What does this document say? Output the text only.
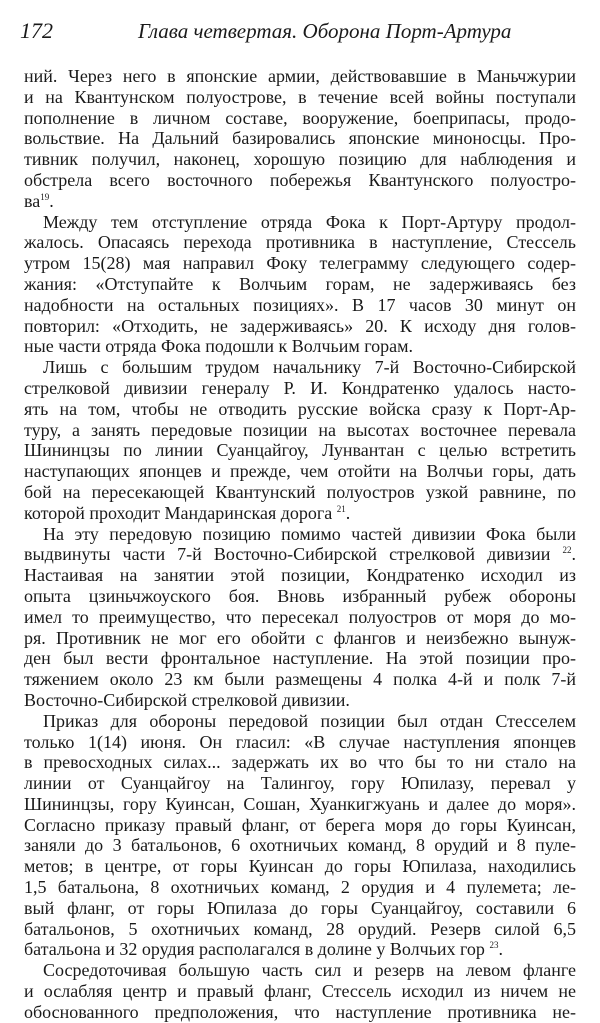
172	Глава четвертая. Оборона Порт-Артура
ний. Через него в японские армии, действовавшие в Маньчжурии
и на Квантунском полуострове, в течение всей войны поступали
пополнение в личном составе, вооружение, боеприпасы, продо-
вольствие. На Дальний базировались японские миноносцы. Про-
тивник получил, наконец, хорошую позицию для наблюдения и
обстрела всего восточного побережья Квантунского полуостро-
$ва^{19}$.
Между тем отступление отряда Фока к Порт-Артуру продол-
жалось. Опасаясь перехода противника в наступление, Стессель
утром 15(28) мая направил Фоку телеграмму следующего содер-
жания: «Отступайте к Волчьим горам, не задерживаясь без
надобности на остальных позициях». В 17 часов 30 минут он
повторил: «Отходить, не задерживаясь» 20. К исходу дня голов-
ные части отряда Фока подошли к Волчьим горам.
Лишь с большим трудом начальнику 7-й Восточно-Сибирской
стрелковой дивизии генералу Р. И. Кондратенко удалось насто-
ять на том, чтобы не отводить русские войска сразу к Порт-Ар-
туру, а занять передовые позиции на высотах восточнее перевала
Шининцзы по линии Суанцайгоу, Лунвантан с целью встретить
наступающих японцев и прежде, чем отойти на Волчьи горы, дать
бой на пересекающей Квантунский полуостров узкой равнине, по
которой проходит Мандаринская дорога $^{21}$.
На эту передовую позицию помимо частей дивизии Фока были
выдвинуты части 7-й Восточно-Сибирской стрелковой дивизии $^{22}$.
Настаивая на занятии этой позиции, Кондратенко исходил из
опыта цзиньчжоуского боя. Вновь избранный рубеж обороны
имел то преимущество, что пересекал полуостров от моря до мо-
ря. Противник не мог его обойти с флангов и неизбежно вынуж-
ден был вести фронтальное наступление. На этой позиции про-
тяжением около 23 км были размещены 4 полка 4-й и полк 7-й
Восточно-Сибирской стрелковой дивизии.
Приказ для обороны передовой позиции был отдан Стесселем
только 1(14) июня. Он гласил: «В случае наступления японцев
в превосходных силах... задержать их во что бы то ни стало на
линии от Суанцайгоу на Талингоу, гору Юпилазу, перевал у
Шининцзы, гору Куинсан, Сошан, Хуанкигжуань и далее до моря».
Согласно приказу правый фланг, от берега моря до горы Куинсан,
заняли до 3 батальонов, 6 охотничьих команд, 8 орудий и 8 пуле-
метов; в центре, от горы Куинсан до горы Юпилаза, находились
1,5 батальона, 8 охотничьих команд, 2 орудия и 4 пулемета; ле-
вый фланг, от горы Юпилаза до горы Суанцайгоу, составили 6
батальонов, 5 охотничьих команд, 28 орудий. Резерв силой 6,5
батальона и 32 орудия располагался в долине у Волчьих гор $^{23}$.
Сосредоточивая большую часть сил и резерв на левом фланге
и ослабляя центр и правый фланг, Стессель исходил из ничем не
обоснованного предположения, что наступление противника не-
